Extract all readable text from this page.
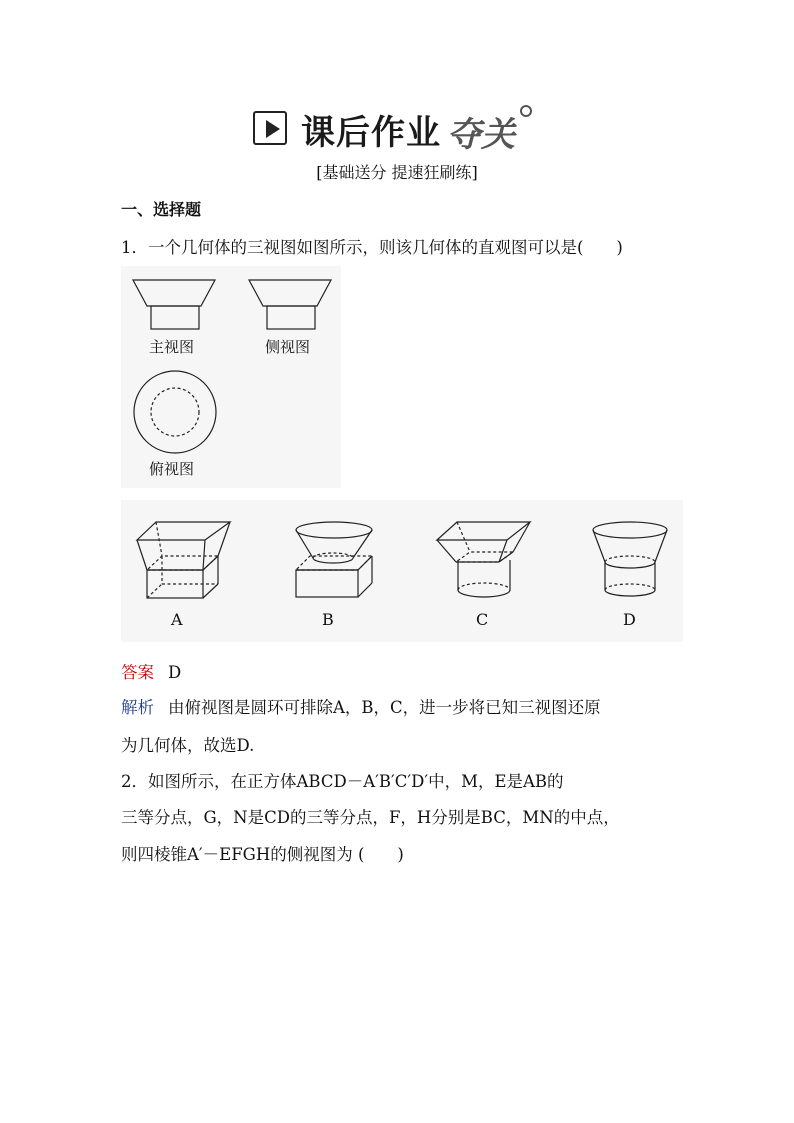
课后作业 夺关
[基础送分 提速狂刷练]
一、选择题
1．一个几何体的三视图如图所示，则该几何体的直观图可以是(　　)
主视图	侧视图
俯视图
A	B	C	D
答案 D
解析 由俯视图是圆环可排除A，B，C，进一步将已知三视图还原
为几何体，故选D.
2．如图所示，在正方体ABCD－A′B′C′D′中，M，E是AB的
三等分点，G，N是CD的三等分点，F，H分别是BC，MN的中点，
则四棱锥A′－EFGH的侧视图为 (　　)
